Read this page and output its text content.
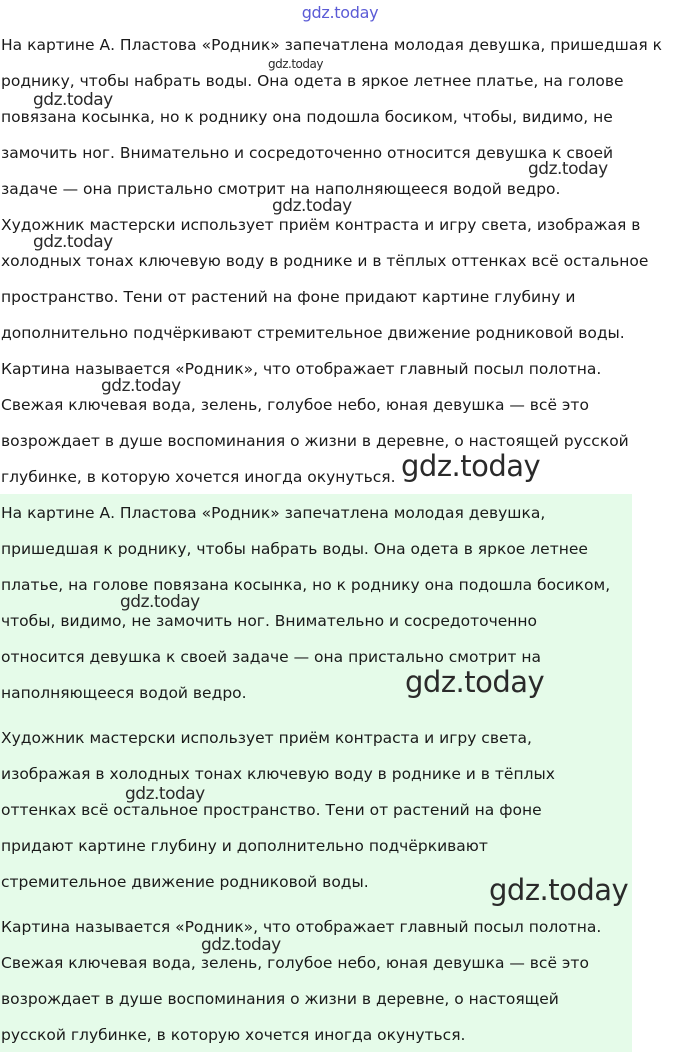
gdz.today

На картине А. Пластова «Родник» запечатлена молодая девушка, пришедшая к

роднику, чтобы набрать воды. Она одета в яркое летнее платье, на голове

повязана косынка, но к роднику она подошла босиком, чтобы, видимо, не

замочить ног. Внимательно и сосредоточенно относится девушка к своей

задаче — она пристально смотрит на наполняющееся водой ведро.

Художник мастерски использует приём контраста и игру света, изображая в

холодных тонах ключевую воду в роднике и в тёплых оттенках всё остальное

пространство. Тени от растений на фоне придают картине глубину и

дополнительно подчёркивают стремительное движение родниковой воды.

Картина называется «Родник», что отображает главный посыл полотна.

Свежая ключевая вода, зелень, голубое небо, юная девушка — всё это

возрождает в душе воспоминания о жизни в деревне, о настоящей русской

глубинке, в которую хочется иногда окунуться.

На картине А. Пластова «Родник» запечатлена молодая девушка,

пришедшая к роднику, чтобы набрать воды. Она одета в яркое летнее

платье, на голове повязана косынка, но к роднику она подошла босиком,

чтобы, видимо, не замочить ног. Внимательно и сосредоточенно

относится девушка к своей задаче — она пристально смотрит на

наполняющееся водой ведро.

Художник мастерски использует приём контраста и игру света,

изображая в холодных тонах ключевую воду в роднике и в тёплых

оттенках всё остальное пространство. Тени от растений на фоне

придают картине глубину и дополнительно подчёркивают

стремительное движение родниковой воды.

Картина называется «Родник», что отображает главный посыл полотна.

Свежая ключевая вода, зелень, голубое небо, юная девушка — всё это

возрождает в душе воспоминания о жизни в деревне, о настоящей

русской глубинке, в которую хочется иногда окунуться.

gdz.today
gdz.today
gdz.today
gdz.today
gdz.today
gdz.today
gdz.today
gdz.today
gdz.today
gdz.today
gdz.today
gdz.today
